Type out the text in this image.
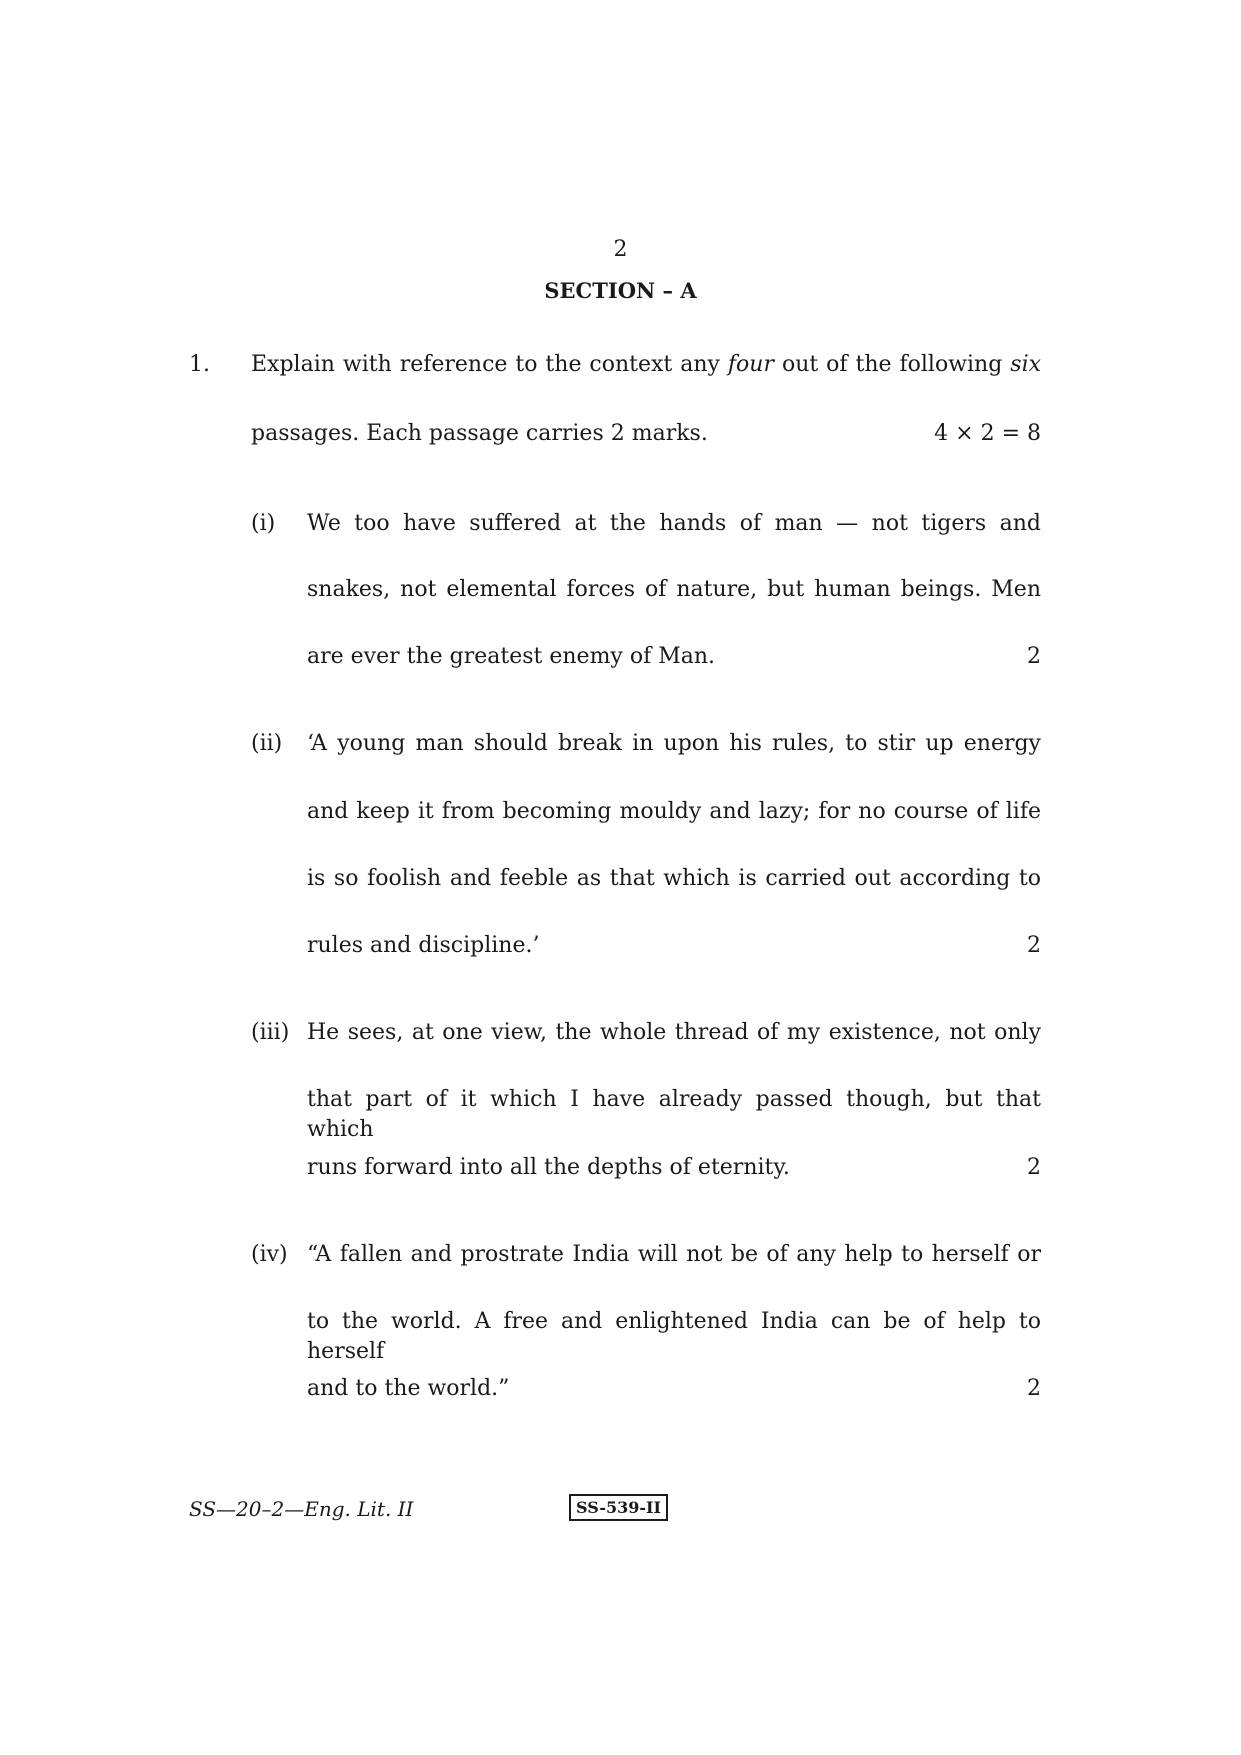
2
SECTION – A
1. Explain with reference to the context any four out of the following six
passages. Each passage carries 2 marks.	4 × 2 = 8
(i) We too have suffered at the hands of man — not tigers and
snakes, not elemental forces of nature, but human beings. Men
are ever the greatest enemy of Man.	2
(ii) ‘A young man should break in upon his rules, to stir up energy
and keep it from becoming mouldy and lazy; for no course of life
is so foolish and feeble as that which is carried out according to
rules and discipline.’	2
(iii) He sees, at one view, the whole thread of my existence, not only
that part of it which I have already passed though, but that which
runs forward into all the depths of eternity.	2
(iv) “A fallen and prostrate India will not be of any help to herself or
to the world. A free and enlightened India can be of help to herself
and to the world.”	2
SS—20–2—Eng. Lit. II	SS-539-II
